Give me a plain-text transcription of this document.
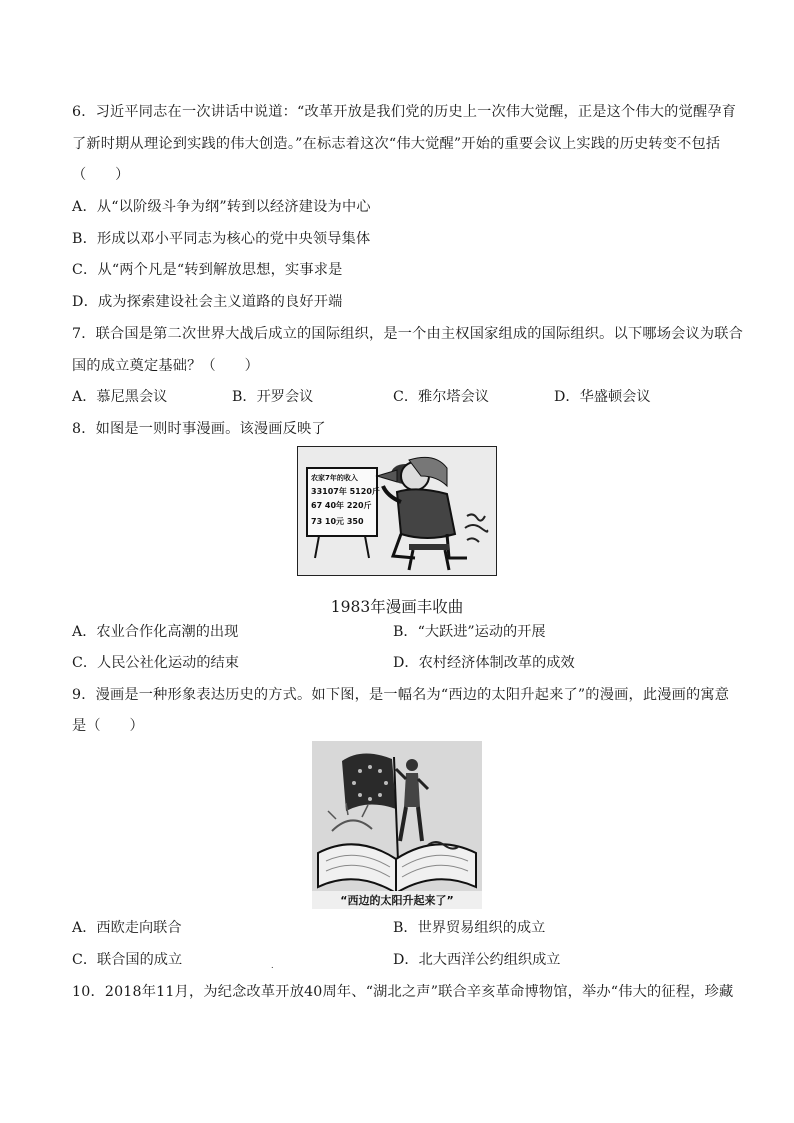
6．习近平同志在一次讲话中说道：“改革开放是我们党的历史上一次伟大觉醒，正是这个伟大的觉醒孕育
了新时期从理论到实践的伟大创造。”在标志着这次“伟大觉醒”开始的重要会议上实践的历史转变不包括
（　　）
A．从“以阶级斗争为纲”转到以经济建设为中心
B．形成以邓小平同志为核心的党中央领导集体
C．从“两个凡是“转到解放思想，实事求是
D．成为探索建设社会主义道路的良好开端
7．联合国是第二次世界大战后成立的国际组织，是一个由主权国家组成的国际组织。以下哪场会议为联合
国的成立奠定基础？（　　）
A．慕尼黑会议	B．开罗会议	C．雅尔塔会议	D．华盛顿会议
8．如图是一则时事漫画。该漫画反映了
农家7年的收入
33107年 5120斤
67 40年 220斤
73 10元 350
1983年漫画丰收曲
A．农业合作化高潮的出现	B．“大跃进”运动的开展
C．人民公社化运动的结束	D．农村经济体制改革的成效
9．漫画是一种形象表达历史的方式。如下图，是一幅名为“西边的太阳升起来了”的漫画，此漫画的寓意
是（　　）
“西边的太阳升起来了”
A．西欧走向联合	B．世界贸易组织的成立
C．联合国的成立	D．北大西洋公约组织成立
.
10．2018年11月，为纪念改革开放40周年、“湖北之声”联合辛亥革命博物馆，举办“伟大的征程，珍藏
